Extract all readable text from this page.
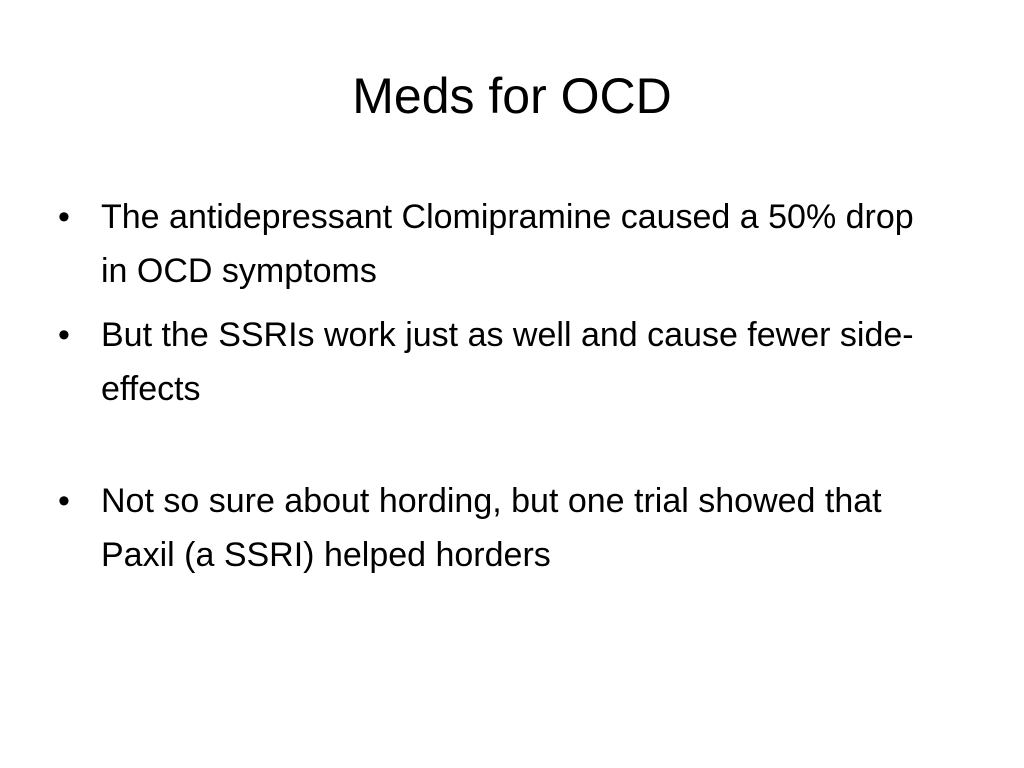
Meds for OCD
• The antidepressant Clomipramine caused a 50% drop in OCD symptoms
• But the SSRIs work just as well and cause fewer side-effects
• Not so sure about hording, but one trial showed that Paxil (a SSRI) helped horders
